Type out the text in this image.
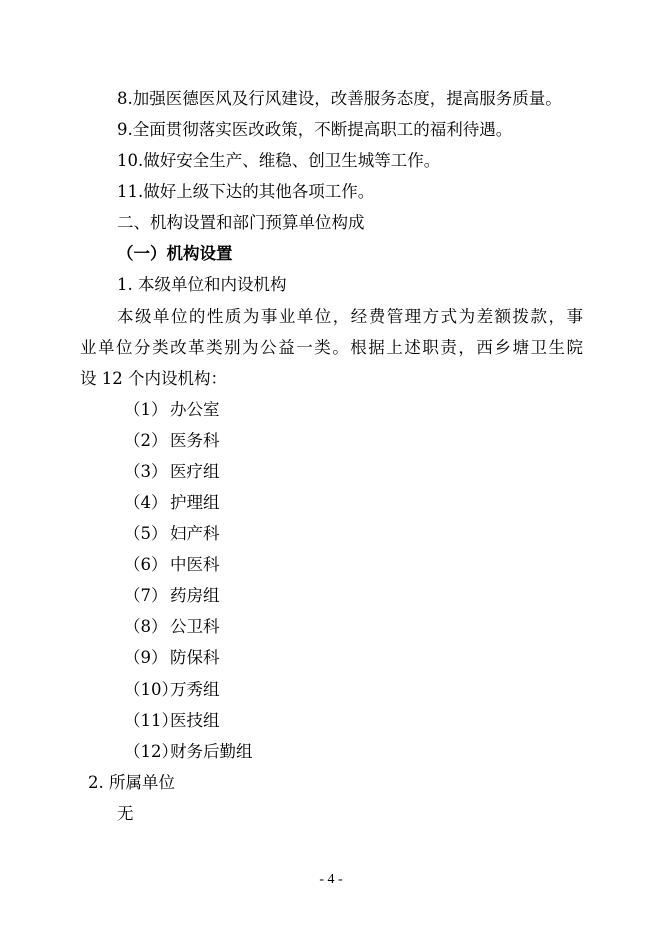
8.加强医德医风及行风建设，改善服务态度，提高服务质量。
9.全面贯彻落实医改政策，不断提高职工的福利待遇。
10.做好安全生产、维稳、创卫生城等工作。
11.做好上级下达的其他各项工作。
二、机构设置和部门预算单位构成
（一）机构设置
1. 本级单位和内设机构
本级单位的性质为事业单位，经费管理方式为差额拨款，事
业单位分类改革类别为公益一类。根据上述职责，西乡塘卫生院
设 12 个内设机构：
（1） 办公室
（2） 医务科
（3） 医疗组
（4） 护理组
（5） 妇产科
（6） 中医科
（7） 药房组
（8） 公卫科
（9） 防保科
（10）万秀组
（11）医技组
（12）财务后勤组
2. 所属单位
无
- 4 -
